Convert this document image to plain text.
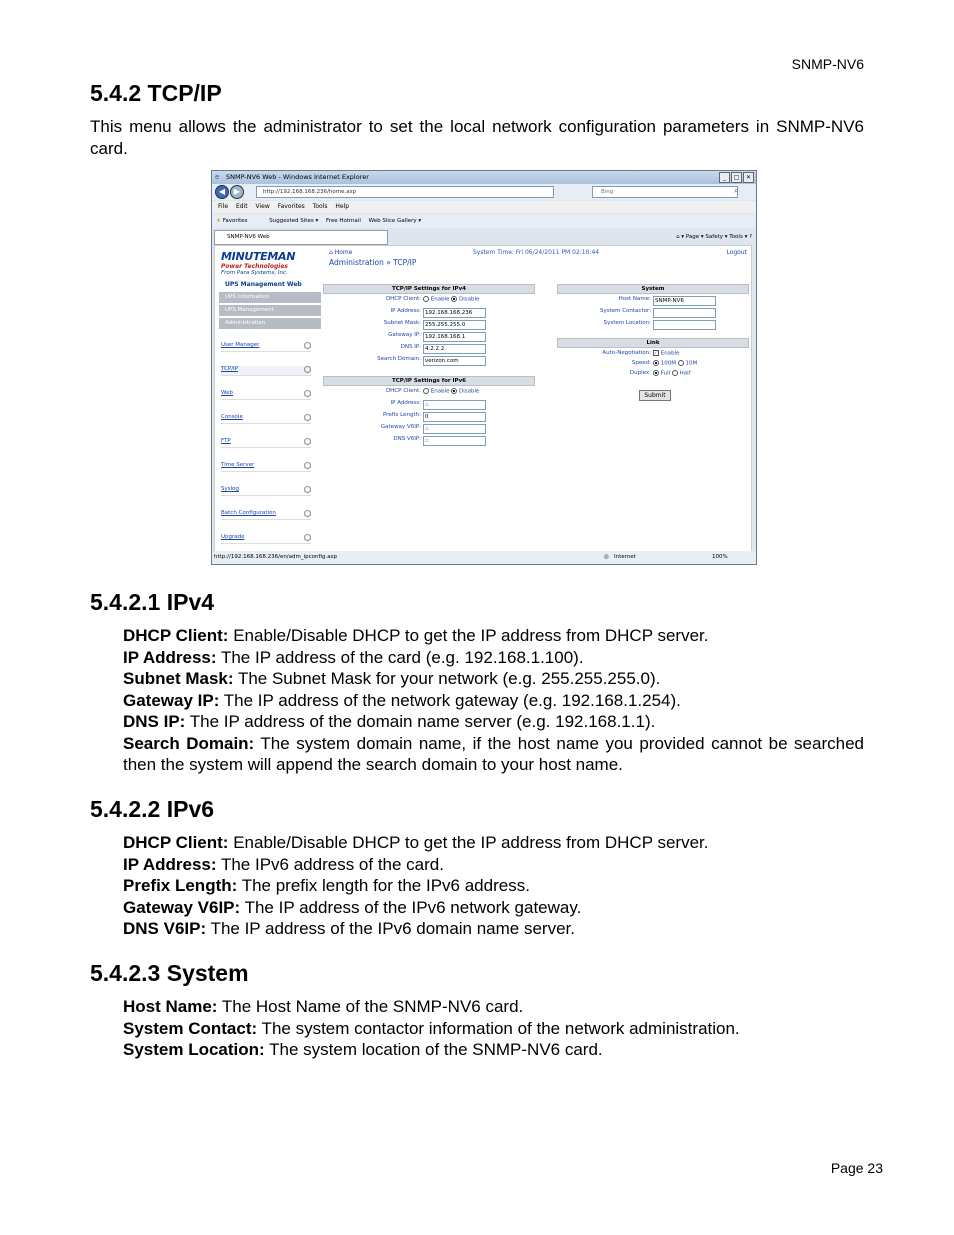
SNMP-NV6
5.4.2 TCP/IP
This menu allows the administrator to set the local network configuration parameters in SNMP-NV6 card.
e SNMP-NV6 Web - Windows Internet Explorer	_ □ ✕
◀	▶	http://192.168.168.236/home.asp	Bing	⌕
File Edit View Favorites Tools Help
★ Favorites	Suggested Sites ▾ Free Hotmail Web Slice Gallery ▾
SNMP-NV6 Web	⌂ ▾ Page ▾ Safety ▾ Tools ▾ ?
MINUTEMAN
Power Technologies
From Para Systems, Inc.
UPS Management Web
UPS Information
UPS Management
Administration
User Manager
TCP/IP
Web
Console
FTP
Time Server
Syslog
Batch Configuration
Upgrade
⌂ Home
Administration » TCP/IP
System Time: Fri 06/24/2011 PM 02:10:44	Logout
TCP/IP Settings for IPv4
DHCP Client:	Enable Disable
IP Address: 192.168.168.236
Subnet Mask: 255.255.255.0
Gateway IP: 192.168.168.1
DNS IP: 4.2.2.2
Search Domain: verizon.com
TCP/IP Settings for IPv6
DHCP Client:	Enable Disable
IP Address: ::
Prefix Length: 0
Gateway V6IP: ::
DNS V6IP: ::
System
Host Name: SNMP-NV6
System Contactor:
System Location:
Link
Auto-Negotiation: ✓ Enable
Speed:	100M 10M
Duplex:	Full Half
Submit
http://192.168.168.236/en/adm_ipconfig.asp	◎ Internet	100%
5.4.2.1 IPv4
DHCP Client: Enable/Disable DHCP to get the IP address from DHCP server.
IP Address: The IP address of the card (e.g. 192.168.1.100).
Subnet Mask: The Subnet Mask for your network (e.g. 255.255.255.0).
Gateway IP: The IP address of the network gateway (e.g. 192.168.1.254).
DNS IP: The IP address of the domain name server (e.g. 192.168.1.1).
Search Domain: The system domain name, if the host name you provided cannot be searched then the system will append the search domain to your host name.
5.4.2.2 IPv6
DHCP Client: Enable/Disable DHCP to get the IP address from DHCP server.
IP Address: The IPv6 address of the card.
Prefix Length: The prefix length for the IPv6 address.
Gateway V6IP: The IP address of the IPv6 network gateway.
DNS V6IP: The IP address of the IPv6 domain name server.
5.4.2.3 System
Host Name: The Host Name of the SNMP-NV6 card.
System Contact: The system contactor information of the network administration.
System Location: The system location of the SNMP-NV6 card.
Page 23
